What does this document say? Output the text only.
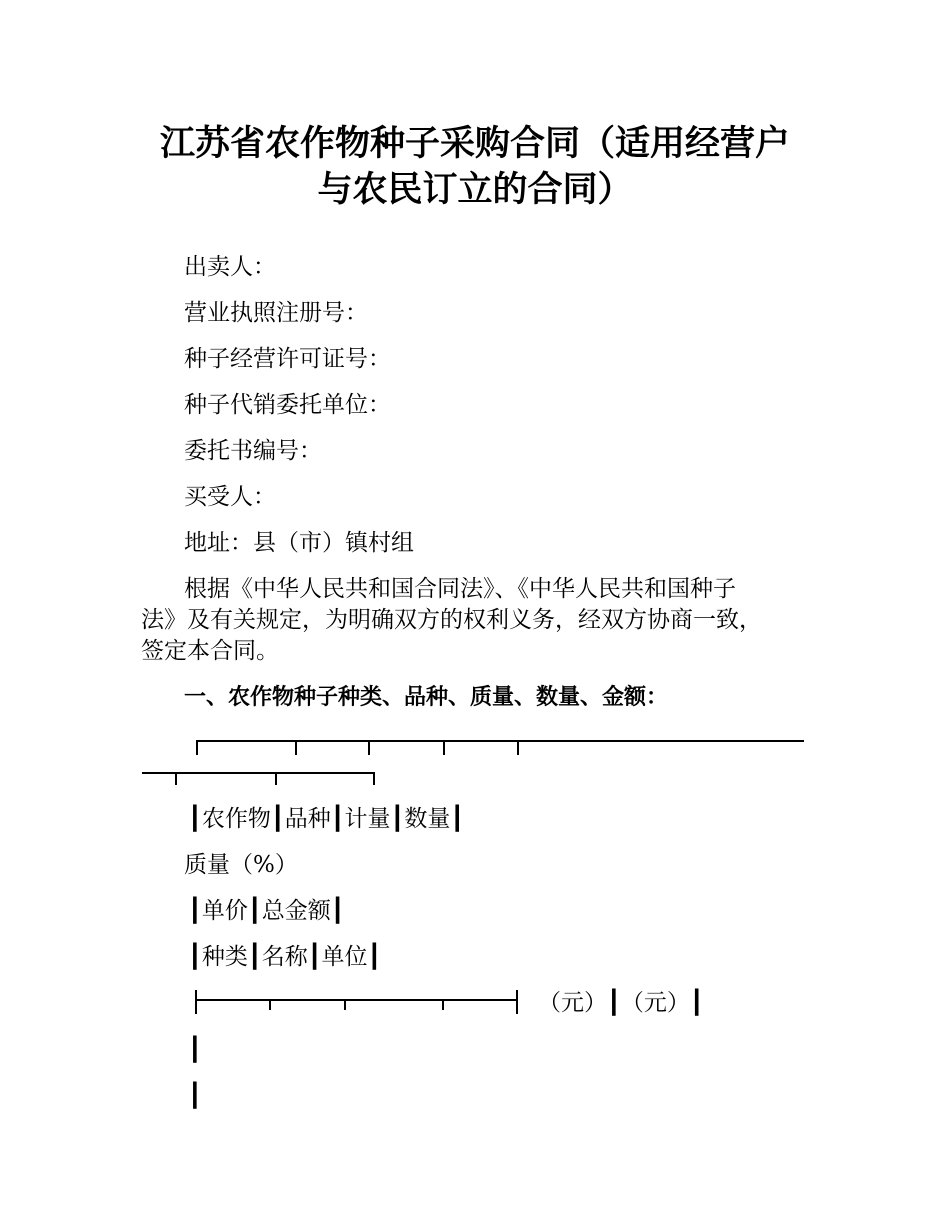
江苏省农作物种子采购合同（适用经营户
与农民订立的合同）
出卖人：
营业执照注册号：
种子经营许可证号：
种子代销委托单位：
委托书编号：
买受人：
地址：县（市）镇村组
根据《中华人民共和国合同法》、《中华人民共和国种子
法》及有关规定，为明确双方的权利义务，经双方协商一致，
签定本合同。
一、农作物种子种类、品种、质量、数量、金额：
┃农作物┃品种┃计量┃数量┃
质量（%）
┃单价┃总金额┃
┃种类┃名称┃单位┃
（元）┃（元）┃
┃
┃
